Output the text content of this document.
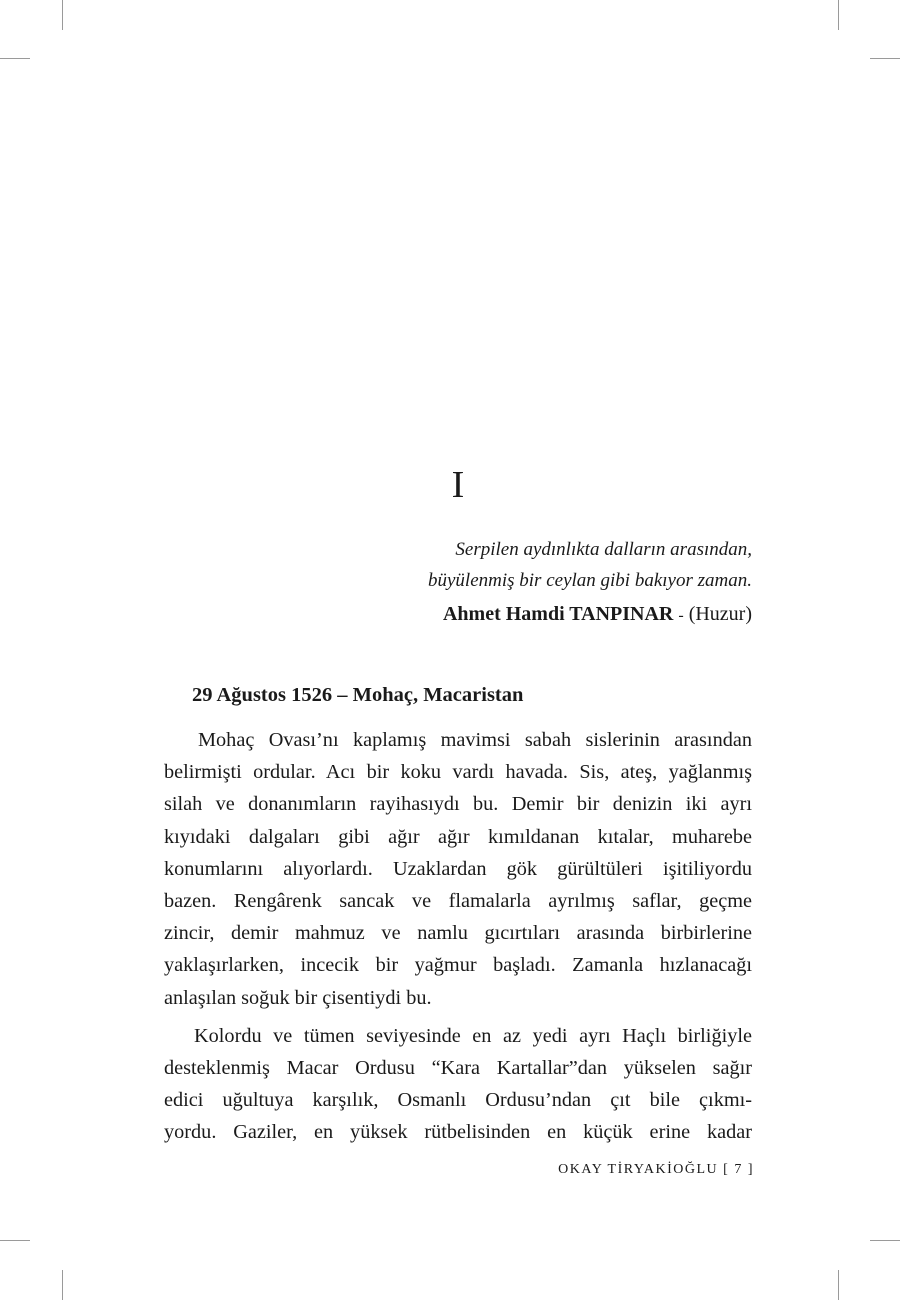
I
Serpilen aydınlıkta dalların arasından,
büyülenmiş bir ceylan gibi bakıyor zaman.
Ahmet Hamdi TANPINAR - (Huzur)
29 Ağustos 1526 – Mohaç, Macaristan

Mohaç Ovası’nı kaplamış mavimsi sabah sislerinin arasından
belirmişti ordular. Acı bir koku vardı havada. Sis, ateş, yağlanmış
silah ve donanımların rayihasıydı bu. Demir bir denizin iki ayrı
kıyıdaki dalgaları gibi ağır ağır kımıldanan kıtalar, muharebe
konumlarını alıyorlardı. Uzaklardan gök gürültüleri işitiliyordu
bazen. Rengârenk sancak ve flamalarla ayrılmış saflar, geçme
zincir, demir mahmuz ve namlu gıcırtıları arasında birbirlerine
yaklaşırlarken, incecik bir yağmur başladı. Zamanla hızlanacağı
anlaşılan soğuk bir çisentiydi bu.

Kolordu ve tümen seviyesinde en az yedi ayrı Haçlı birliğiyle
desteklenmiş Macar Ordusu “Kara Kartallar”dan yükselen sağır
edici uğultuya karşılık, Osmanlı Ordusu’ndan çıt bile çıkmı-
yordu. Gaziler, en yüksek rütbelisinden en küçük erine kadar

OKAY TİRYAKİOĞLU [ 7 ]
